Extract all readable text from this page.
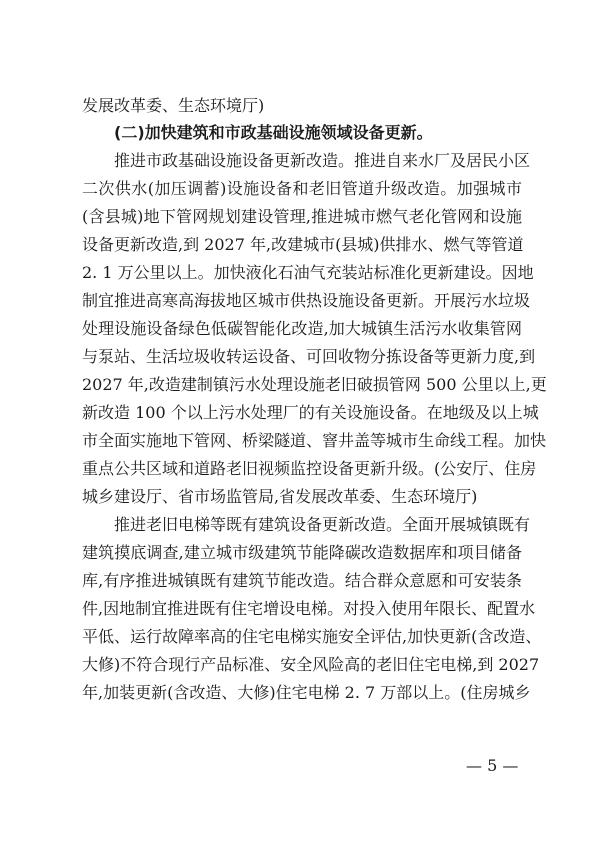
发展改革委、生态环境厅)
(二)加快建筑和市政基础设施领域设备更新。
推进市政基础设施设备更新改造。推进自来水厂及居民小区
二次供水(加压调蓄)设施设备和老旧管道升级改造。加强城市
(含县城)地下管网规划建设管理,推进城市燃气老化管网和设施
设备更新改造,到 2027 年,改建城市(县城)供排水、燃气等管道
2. 1 万公里以上。加快液化石油气充装站标准化更新建设。因地
制宜推进高寒高海拔地区城市供热设施设备更新。开展污水垃圾
处理设施设备绿色低碳智能化改造,加大城镇生活污水收集管网
与泵站、生活垃圾收转运设备、可回收物分拣设备等更新力度,到
2027 年,改造建制镇污水处理设施老旧破损管网 500 公里以上,更
新改造 100 个以上污水处理厂的有关设施设备。在地级及以上城
市全面实施地下管网、桥梁隧道、窨井盖等城市生命线工程。加快
重点公共区域和道路老旧视频监控设备更新升级。(公安厅、住房
城乡建设厅、省市场监管局,省发展改革委、生态环境厅)
推进老旧电梯等既有建筑设备更新改造。全面开展城镇既有
建筑摸底调查,建立城市级建筑节能降碳改造数据库和项目储备
库,有序推进城镇既有建筑节能改造。结合群众意愿和可安装条
件,因地制宜推进既有住宅增设电梯。对投入使用年限长、配置水
平低、运行故障率高的住宅电梯实施安全评估,加快更新(含改造、
大修)不符合现行产品标准、安全风险高的老旧住宅电梯,到 2027
年,加装更新(含改造、大修)住宅电梯 2. 7 万部以上。(住房城乡
— 5 —
